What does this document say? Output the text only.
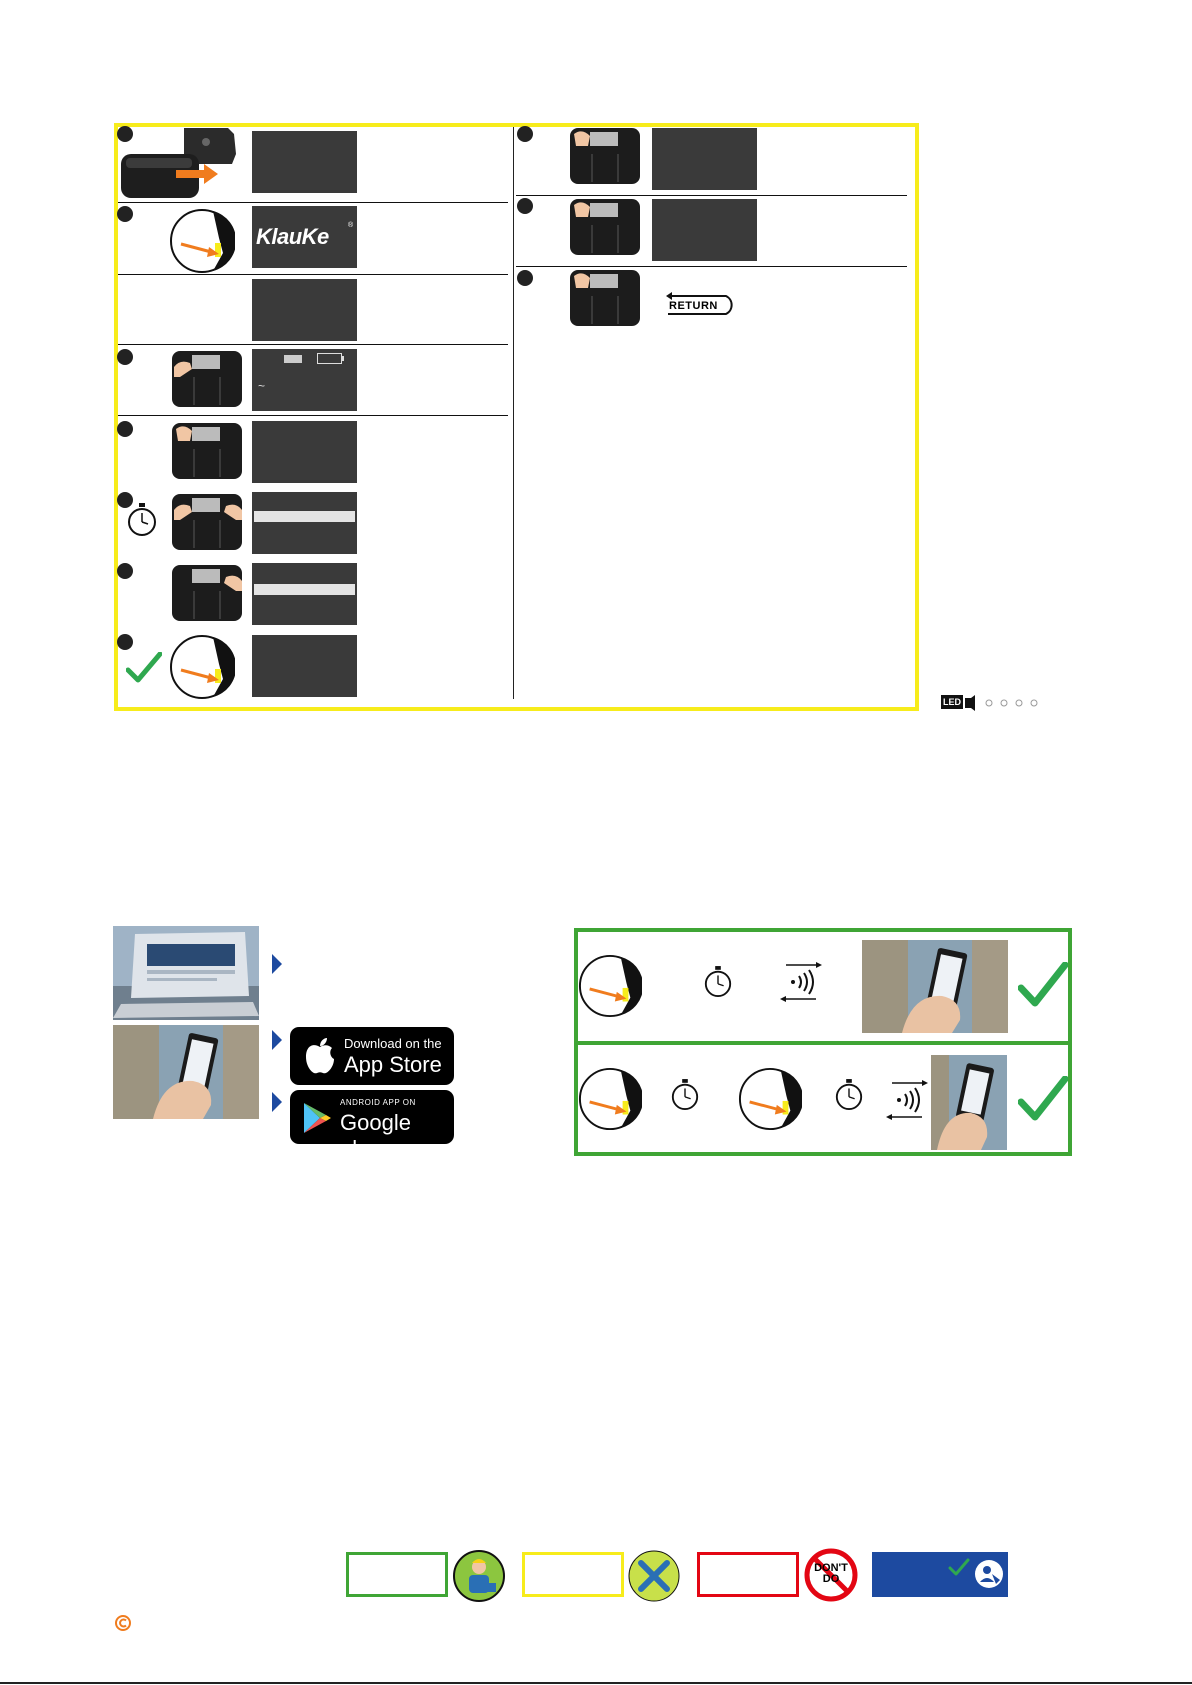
KlauKe	®
~
RETURN
LED
Download on the
App Store
ANDROID APP ON
Google play
DON'T DO
